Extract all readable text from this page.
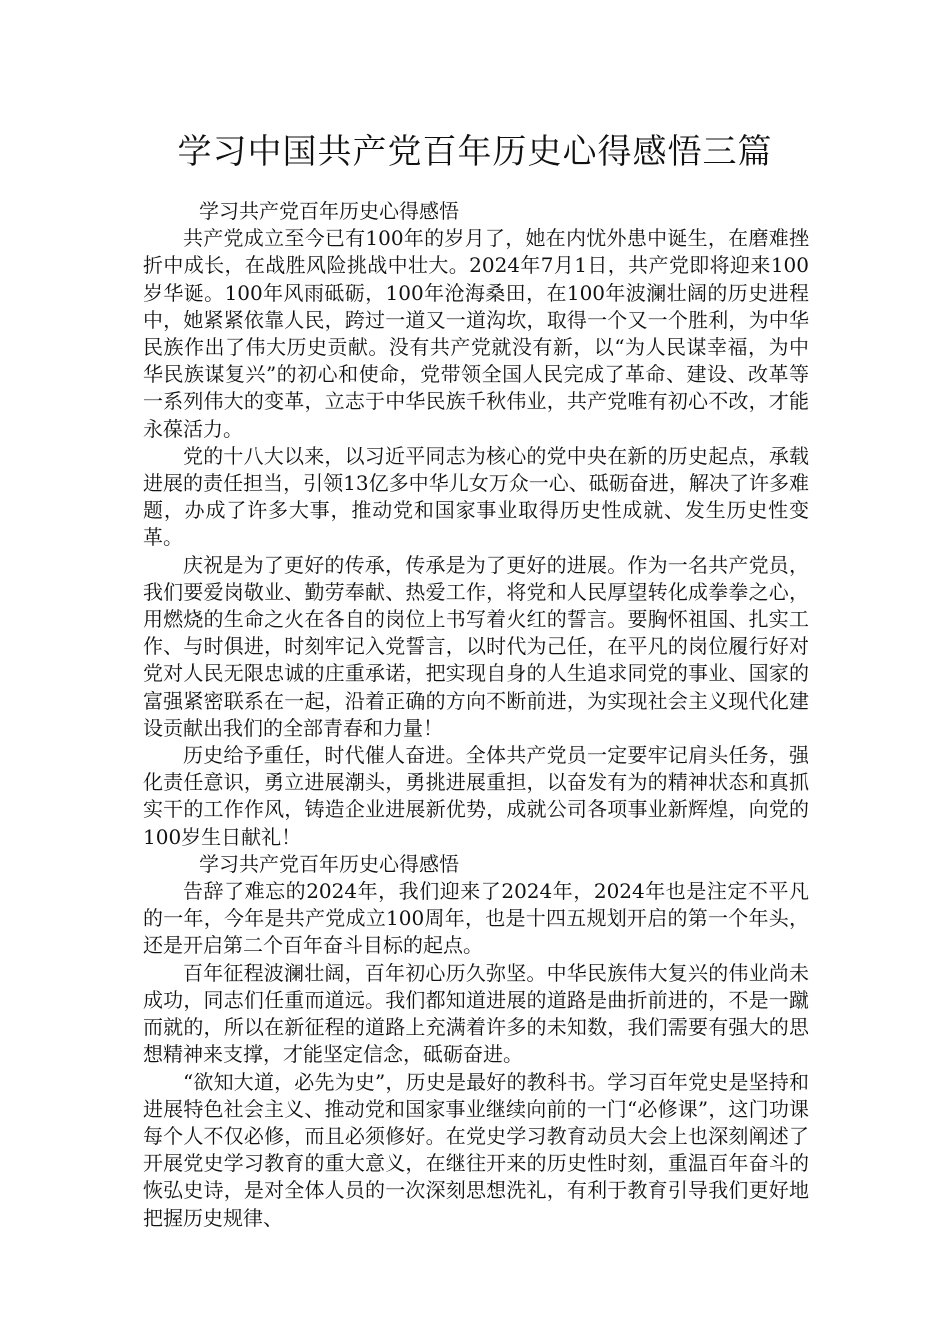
学习中国共产党百年历史心得感悟三篇

学习共产党百年历史心得感悟

共产党成立至今已有100年的岁月了，她在内忧外患中诞生，在磨难挫折中成长，在战胜风险挑战中壮大。2024年7月1日，共产党即将迎来100岁华诞。100年风雨砥砺，100年沧海桑田，在100年波澜壮阔的历史进程中，她紧紧依靠人民，跨过一道又一道沟坎，取得一个又一个胜利，为中华民族作出了伟大历史贡献。没有共产党就没有新，以“为人民谋幸福，为中华民族谋复兴”的初心和使命，党带领全国人民完成了革命、建设、改革等一系列伟大的变革，立志于中华民族千秋伟业，共产党唯有初心不改，才能永葆活力。

党的十八大以来，以习近平同志为核心的党中央在新的历史起点，承载进展的责任担当，引领13亿多中华儿女万众一心、砥砺奋进，解决了许多难题，办成了许多大事，推动党和国家事业取得历史性成就、发生历史性变革。

庆祝是为了更好的传承，传承是为了更好的进展。作为一名共产党员，我们要爱岗敬业、勤劳奉献、热爱工作，将党和人民厚望转化成拳拳之心，用燃烧的生命之火在各自的岗位上书写着火红的誓言。要胸怀祖国、扎实工作、与时俱进，时刻牢记入党誓言，以时代为己任，在平凡的岗位履行好对党对人民无限忠诚的庄重承诺，把实现自身的人生追求同党的事业、国家的富强紧密联系在一起，沿着正确的方向不断前进，为实现社会主义现代化建设贡献出我们的全部青春和力量！

历史给予重任，时代催人奋进。全体共产党员一定要牢记肩头任务，强化责任意识，勇立进展潮头，勇挑进展重担，以奋发有为的精神状态和真抓实干的工作作风，铸造企业进展新优势，成就公司各项事业新辉煌，向党的100岁生日献礼！

学习共产党百年历史心得感悟

告辞了难忘的2024年，我们迎来了2024年，2024年也是注定不平凡的一年，今年是共产党成立100周年，也是十四五规划开启的第一个年头，还是开启第二个百年奋斗目标的起点。

百年征程波澜壮阔，百年初心历久弥坚。中华民族伟大复兴的伟业尚未成功，同志们任重而道远。我们都知道进展的道路是曲折前进的，不是一蹴而就的，所以在新征程的道路上充满着许多的未知数，我们需要有强大的思想精神来支撑，才能坚定信念，砥砺奋进。

“欲知大道，必先为史”，历史是最好的教科书。学习百年党史是坚持和进展特色社会主义、推动党和国家事业继续向前的一门“必修课”，这门功课每个人不仅必修，而且必须修好。在党史学习教育动员大会上也深刻阐述了开展党史学习教育的重大意义，在继往开来的历史性时刻，重温百年奋斗的恢弘史诗，是对全体人员的一次深刻思想洗礼，有利于教育引导我们更好地把握历史规律、
